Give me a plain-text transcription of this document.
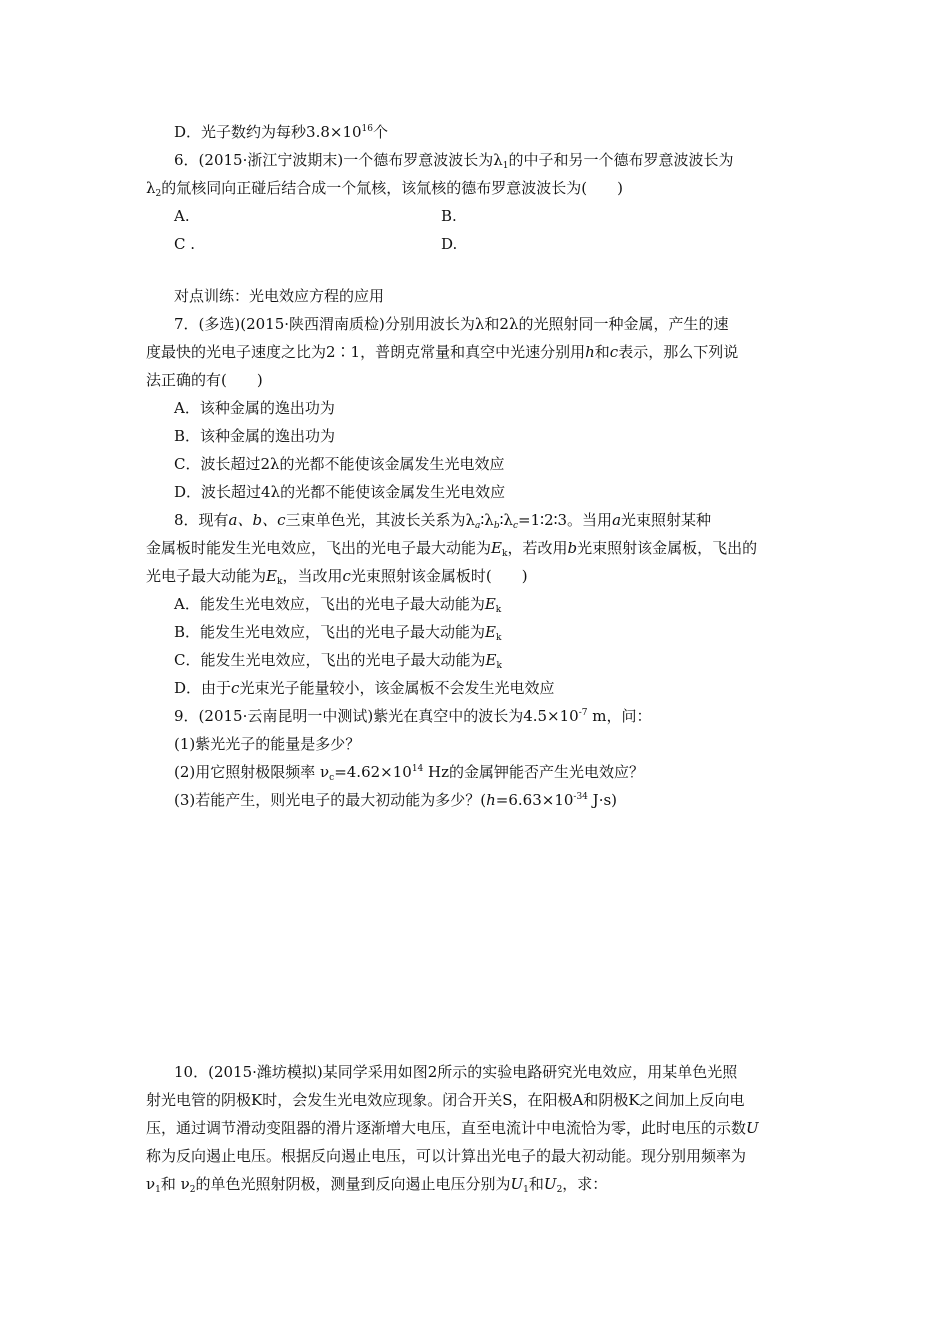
D．光子数约为每秒$3.8\times 10^{16}$个
6．(2015·浙江宁波期末)一个德布罗意波波长为$\lambda_1$的中子和另一个德布罗意波波长为
$\lambda_2$的氚核同向正碰后结合成一个氚核，该氚核的德布罗意波波长为(　　)
A.	B.
C .	D.
对点训练：光电效应方程的应用
7．(多选)(2015·陕西渭南质检)分别用波长为λ和2λ的光照射同一种金属，产生的速
度最快的光电子速度之比为2∶1，普朗克常量和真空中光速分别用h和c表示，那么下列说
法正确的有(　　)
A．该种金属的逸出功为
B．该种金属的逸出功为
C．波长超过2λ的光都不能使该金属发生光电效应
D．波长超过4λ的光都不能使该金属发生光电效应
8．现有a、b、c三束单色光，其波长关系为$\lambda_a∶\lambda_b∶\lambda_c=1∶2∶3$。当用a光束照射某种
金属板时能发生光电效应，飞出的光电子最大动能为$E_k$，若改用b光束照射该金属板，飞出的
光电子最大动能为$E_k$，当改用c光束照射该金属板时(　　)
A．能发生光电效应，飞出的光电子最大动能为$E_k$
B．能发生光电效应，飞出的光电子最大动能为$E_k$
C．能发生光电效应，飞出的光电子最大动能为$E_k$
D．由于c光束光子能量较小，该金属板不会发生光电效应
9．(2015·云南昆明一中测试)紫光在真空中的波长为$4.5\times 10^{-7}$ m，问：
(1)紫光光子的能量是多少？
(2)用它照射极限频率 $\nu_c=4.62\times 10^{14}$ Hz的金属钾能否产生光电效应？
(3)若能产生，则光电子的最大初动能为多少？($h=6.63\times 10^{-34}$ J·s)
10．(2015·潍坊模拟)某同学采用如图2所示的实验电路研究光电效应，用某单色光照
射光电管的阴极K时，会发生光电效应现象。闭合开关S，在阳极A和阴极K之间加上反向电
压，通过调节滑动变阻器的滑片逐渐增大电压，直至电流计中电流恰为零，此时电压的示数U
称为反向遏止电压。根据反向遏止电压，可以计算出光电子的最大初动能。现分别用频率为
$\nu_1$和 $\nu_2$的单色光照射阴极，测量到反向遏止电压分别为$U_1$和$U_2$，求：
